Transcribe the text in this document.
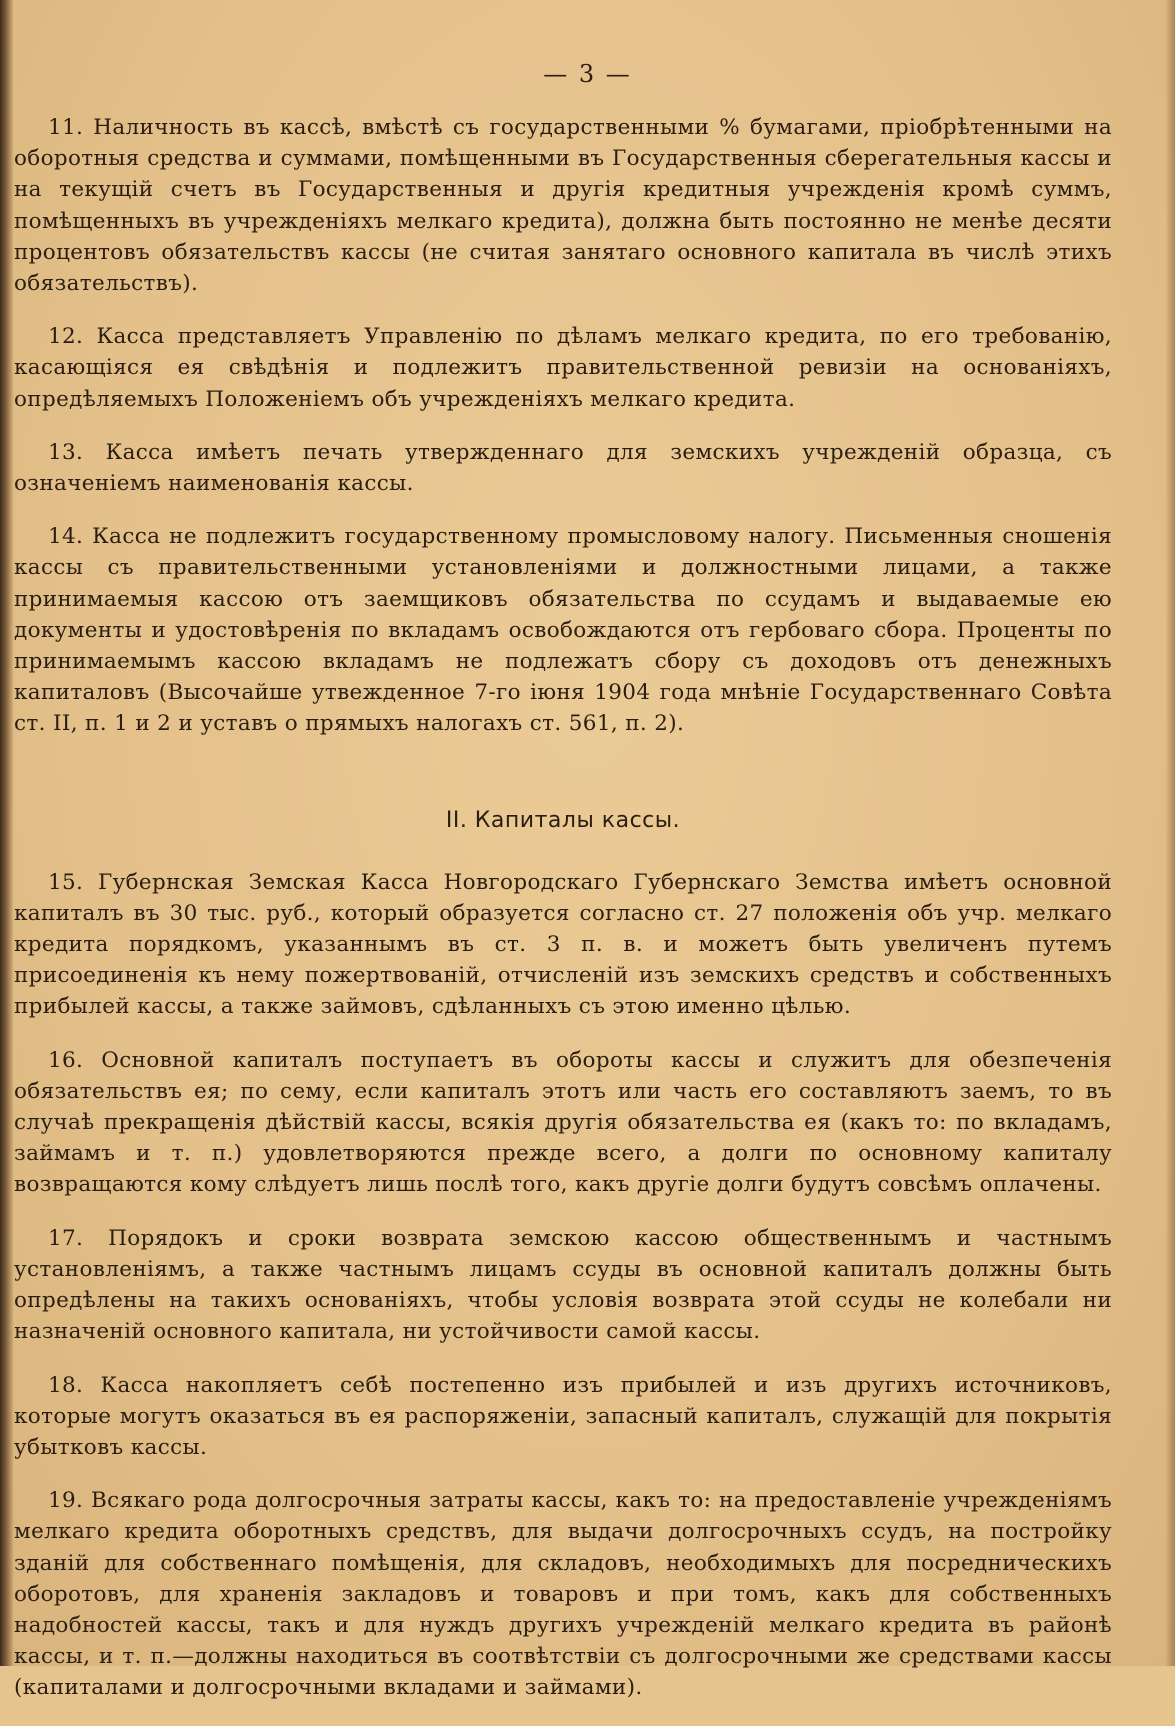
— 3 —

11. Наличность въ кассѣ, вмѣстѣ съ государственными % бумагами, пріобрѣтенными на оборотныя средства и суммами, помѣщенными въ Государственныя сберегательныя кассы и на текущій счетъ въ Государственныя и другія кредитныя учрежденія кромѣ суммъ, помѣщенныхъ въ учрежденіяхъ мелкаго кредита), должна быть постоянно не менѣе десяти процентовъ обязательствъ кассы (не считая занятаго основного капитала въ числѣ этихъ обязательствъ).

12. Касса представляетъ Управленію по дѣламъ мелкаго кредита, по его требованію, касающіяся ея свѣдѣнія и подлежитъ правительственной ревизіи на основаніяхъ, опредѣляемыхъ Положеніемъ объ учрежденіяхъ мелкаго кредита.

13. Касса имѣетъ печать утвержденнаго для земскихъ учрежденій образца, съ означеніемъ наименованія кассы.

14. Касса не подлежитъ государственному промысловому налогу. Письменныя сношенія кассы съ правительственными установленіями и должностными лицами, а также принимаемыя кассою отъ заемщиковъ обязательства по ссудамъ и выдаваемые ею документы и удостовѣренія по вкладамъ освобождаются отъ гербоваго сбора. Проценты по принимаемымъ кассою вкладамъ не подлежатъ сбору съ доходовъ отъ денежныхъ капиталовъ (Высочайше утвежденное 7-го іюня 1904 года мнѣніе Государственнаго Совѣта ст. II, п. 1 и 2 и уставъ о прямыхъ налогахъ ст. 561, п. 2).

II. Капиталы кассы.

15. Губернская Земская Касса Новгородскаго Губернскаго Земства имѣетъ основной капиталъ въ 30 тыс. руб., который образуется согласно ст. 27 положенія объ учр. мелкаго кредита порядкомъ, указаннымъ въ ст. 3 п. в. и можетъ быть увеличенъ путемъ присоединенія къ нему пожертвованій, отчисленій изъ земскихъ средствъ и собственныхъ прибылей кассы, а также займовъ, сдѣланныхъ съ этою именно цѣлью.

16. Основной капиталъ поступаетъ въ обороты кассы и служитъ для обезпеченія обязательствъ ея; по сему, если капиталъ этотъ или часть его составляютъ заемъ, то въ случаѣ прекращенія дѣйствій кассы, всякія другія обязательства ея (какъ то: по вкладамъ, займамъ и т. п.) удовлетворяются прежде всего, а долги по основному капиталу возвращаются кому слѣдуетъ лишь послѣ того, какъ другіе долги будутъ совсѣмъ оплачены.

17. Порядокъ и сроки возврата земскою кассою общественнымъ и частнымъ установленіямъ, а также частнымъ лицамъ ссуды въ основной капиталъ должны быть опредѣлены на такихъ основаніяхъ, чтобы условія возврата этой ссуды не колебали ни назначеній основного капитала, ни устойчивости самой кассы.

18. Касса накопляетъ себѣ постепенно изъ прибылей и изъ другихъ источниковъ, которые могутъ оказаться въ ея распоряженіи, запасный капиталъ, служащій для покрытія убытковъ кассы.

19. Всякаго рода долгосрочныя затраты кассы, какъ то: на предоставленіе учрежденіямъ мелкаго кредита оборотныхъ средствъ, для выдачи долгосрочныхъ ссудъ, на постройку зданій для собственнаго помѣщенія, для складовъ, необходимыхъ для посредническихъ оборотовъ, для храненія закладовъ и товаровъ и при томъ, какъ для собственныхъ надобностей кассы, такъ и для нуждъ другихъ учрежденій мелкаго кредита въ районѣ кассы, и т. п.—должны находиться въ соотвѣтствіи съ долгосрочными же средствами кассы (капиталами и долгосрочными вкладами и займами).
